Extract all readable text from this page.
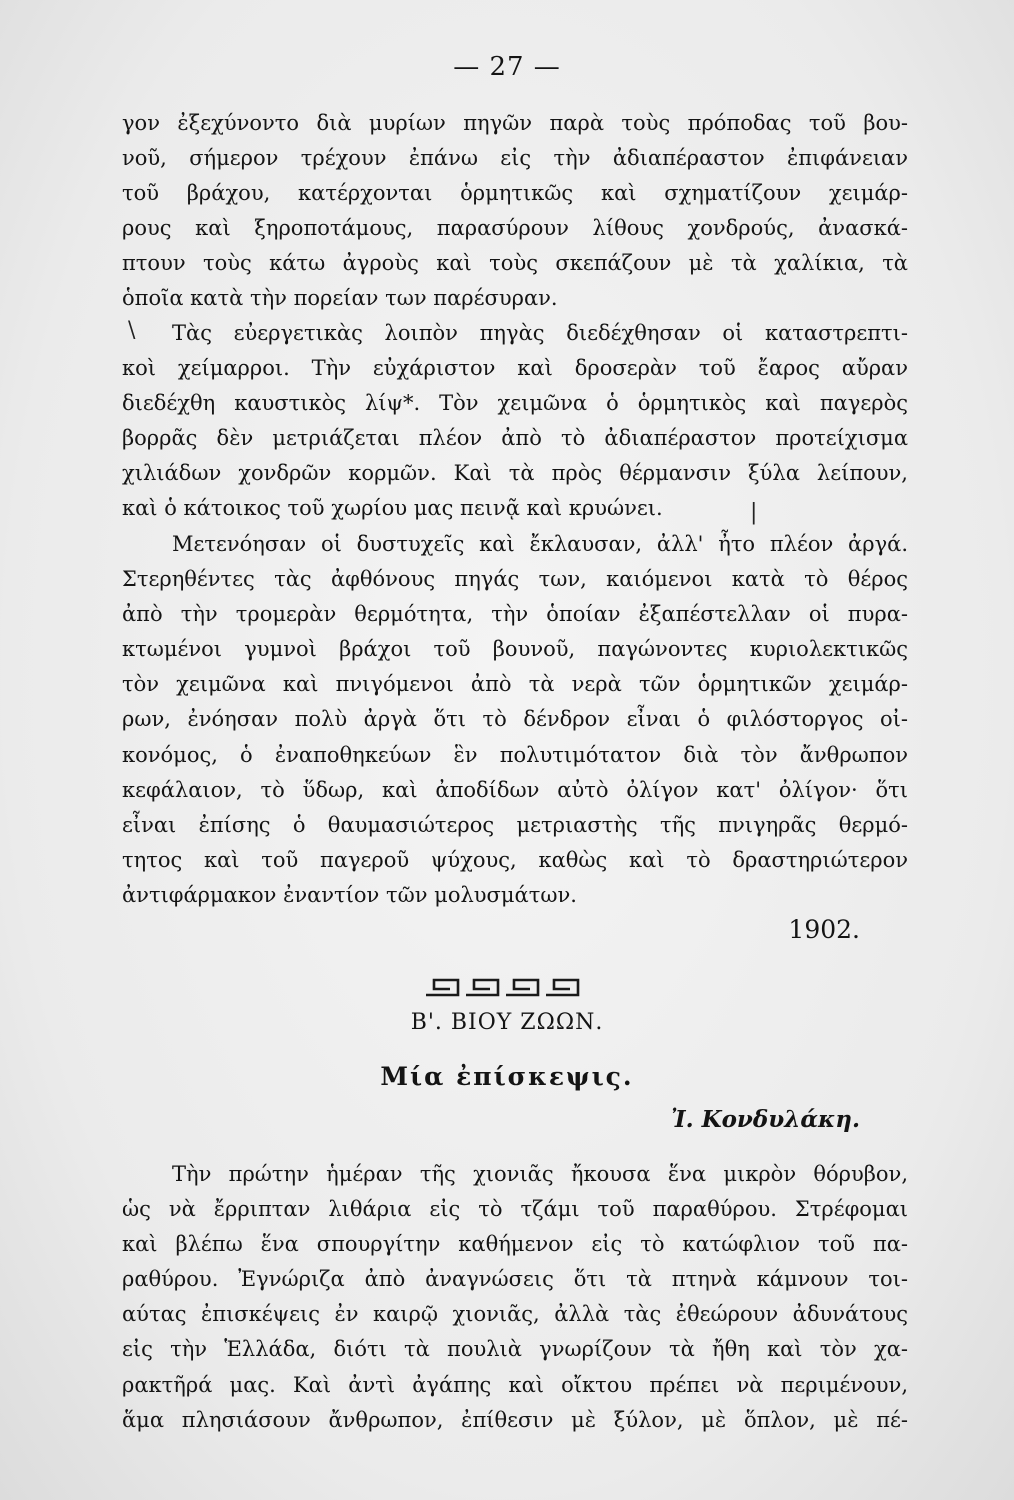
— 27 —
γον ἐξεχύνοντο διὰ μυρίων πηγῶν παρὰ τοὺς πρόποδας τοῦ βου-
νοῦ, σήμερον τρέχουν ἐπάνω εἰς τὴν ἀδιαπέραστον ἐπιφάνειαν
τοῦ βράχου, κατέρχονται ὁρμητικῶς καὶ σχηματίζουν χειμάρ-
ρους καὶ ξηροποτάμους, παρασύρουν λίθους χονδρούς, ἀνασκά-
πτουν τοὺς κάτω ἀγροὺς καὶ τοὺς σκεπάζουν μὲ τὰ χαλίκια, τὰ
ὁποῖα κατὰ τὴν πορείαν των παρέσυραν.
\	Τὰς εὐεργετικὰς λοιπὸν πηγὰς διεδέχθησαν οἱ καταστρεπτι-
κοὶ χείμαρροι. Τὴν εὐχάριστον καὶ δροσερὰν τοῦ ἔαρος αὔραν
διεδέχθη καυστικὸς λίψ*. Τὸν χειμῶνα ὁ ὁρμητικὸς καὶ παγερὸς
βορρᾶς δὲν μετριάζεται πλέον ἀπὸ τὸ ἀδιαπέραστον προτείχισμα
χιλιάδων χονδρῶν κορμῶν. Καὶ τὰ πρὸς θέρμανσιν ξύλα λείπουν,
καὶ ὁ κάτοικος τοῦ χωρίου μας πεινᾷ καὶ κρυώνει.	|
Μετενόησαν οἱ δυστυχεῖς καὶ ἔκλαυσαν, ἀλλ' ἦτο πλέον ἀργά.
Στερηθέντες τὰς ἀφθόνους πηγάς των, καιόμενοι κατὰ τὸ θέρος
ἀπὸ τὴν τρομερὰν θερμότητα, τὴν ὁποίαν ἐξαπέστελλαν οἱ πυρα-
κτωμένοι γυμνοὶ βράχοι τοῦ βουνοῦ, παγώνοντες κυριολεκτικῶς
τὸν χειμῶνα καὶ πνιγόμενοι ἀπὸ τὰ νερὰ τῶν ὁρμητικῶν χειμάρ-
ρων, ἐνόησαν πολὺ ἀργὰ ὅτι τὸ δένδρον εἶναι ὁ φιλόστοργος οἰ-
κονόμος, ὁ ἐναποθηκεύων ἓν πολυτιμότατον διὰ τὸν ἄνθρωπον
κεφάλαιον, τὸ ὕδωρ, καὶ ἀποδίδων αὐτὸ ὀλίγον κατ' ὀλίγον· ὅτι
εἶναι ἐπίσης ὁ θαυμασιώτερος μετριαστὴς τῆς πνιγηρᾶς θερμό-
τητος καὶ τοῦ παγεροῦ ψύχους, καθὼς καὶ τὸ δραστηριώτερον
ἀντιφάρμακον ἐναντίον τῶν μολυσμάτων.
1902.
Β'. ΒΙΟΥ ΖΩΩΝ.
Μία ἐπίσκεψις.
Ἰ. Κονδυλάκη.
Τὴν πρώτην ἡμέραν τῆς χιονιᾶς ἤκουσα ἕνα μικρὸν θόρυβον,
ὡς νὰ ἔρριπταν λιθάρια εἰς τὸ τζάμι τοῦ παραθύρου. Στρέφομαι
καὶ βλέπω ἕνα σπουργίτην καθήμενον εἰς τὸ κατώφλιον τοῦ πα-
ραθύρου. Ἐγνώριζα ἀπὸ ἀναγνώσεις ὅτι τὰ πτηνὰ κάμνουν τοι-
αύτας ἐπισκέψεις ἐν καιρῷ χιονιᾶς, ἀλλὰ τὰς ἐθεώρουν ἀδυνάτους
εἰς τὴν Ἑλλάδα, διότι τὰ πουλιὰ γνωρίζουν τὰ ἤθη καὶ τὸν χα-
ρακτῆρά μας. Καὶ ἀντὶ ἀγάπης καὶ οἴκτου πρέπει νὰ περιμένουν,
ἅμα πλησιάσουν ἄνθρωπον, ἐπίθεσιν μὲ ξύλον, μὲ ὅπλον, μὲ πέ-
